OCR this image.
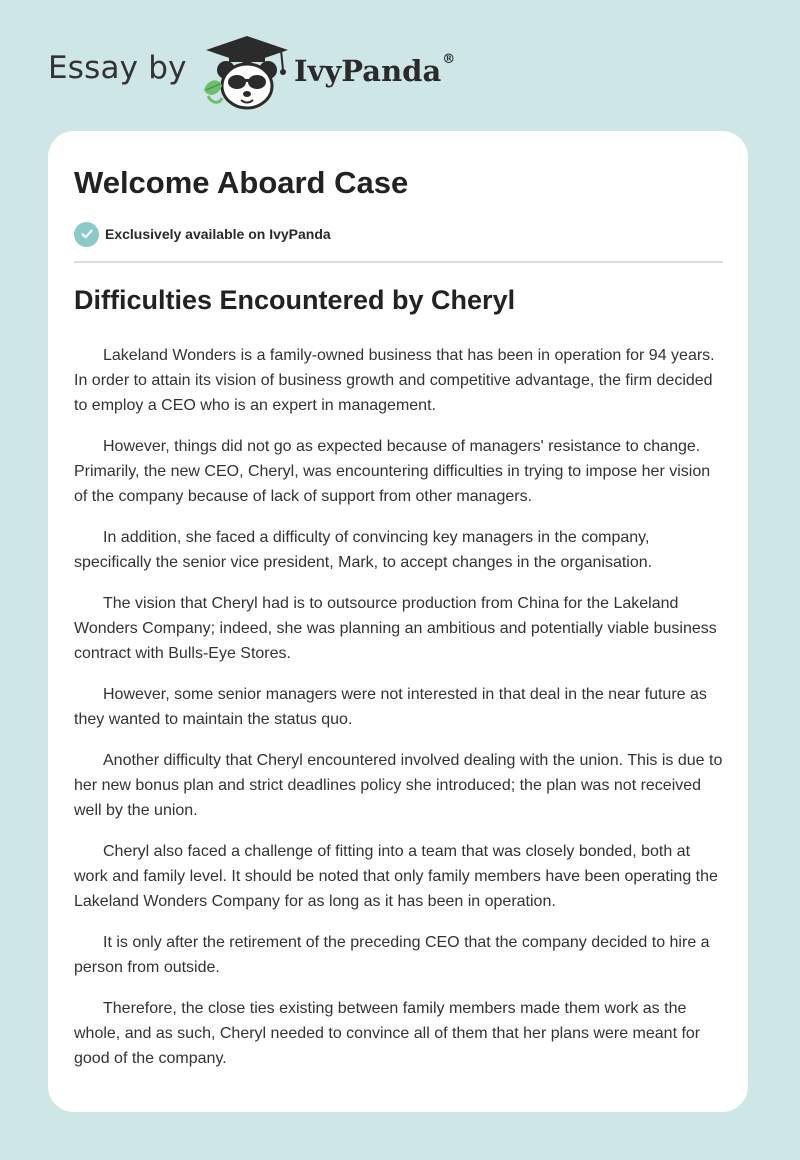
Essay by	IvyPanda®
Welcome Aboard Case
Exclusively available on IvyPanda
Difficulties Encountered by Cheryl

Lakeland Wonders is a family-owned business that has been in operation for 94 years. In order to attain its vision of business growth and competitive advantage, the firm decided to employ a CEO who is an expert in management.

However, things did not go as expected because of managers' resistance to change. Primarily, the new CEO, Cheryl, was encountering difficulties in trying to impose her vision of the company because of lack of support from other managers.

In addition, she faced a difficulty of convincing key managers in the company, specifically the senior vice president, Mark, to accept changes in the organisation.

The vision that Cheryl had is to outsource production from China for the Lakeland Wonders Company; indeed, she was planning an ambitious and potentially viable business contract with Bulls-Eye Stores.

However, some senior managers were not interested in that deal in the near future as they wanted to maintain the status quo.

Another difficulty that Cheryl encountered involved dealing with the union. This is due to her new bonus plan and strict deadlines policy she introduced; the plan was not received well by the union.

Cheryl also faced a challenge of fitting into a team that was closely bonded, both at work and family level. It should be noted that only family members have been operating the Lakeland Wonders Company for as long as it has been in operation.

It is only after the retirement of the preceding CEO that the company decided to hire a person from outside.

Therefore, the close ties existing between family members made them work as the whole, and as such, Cheryl needed to convince all of them that her plans were meant for good of the company.
